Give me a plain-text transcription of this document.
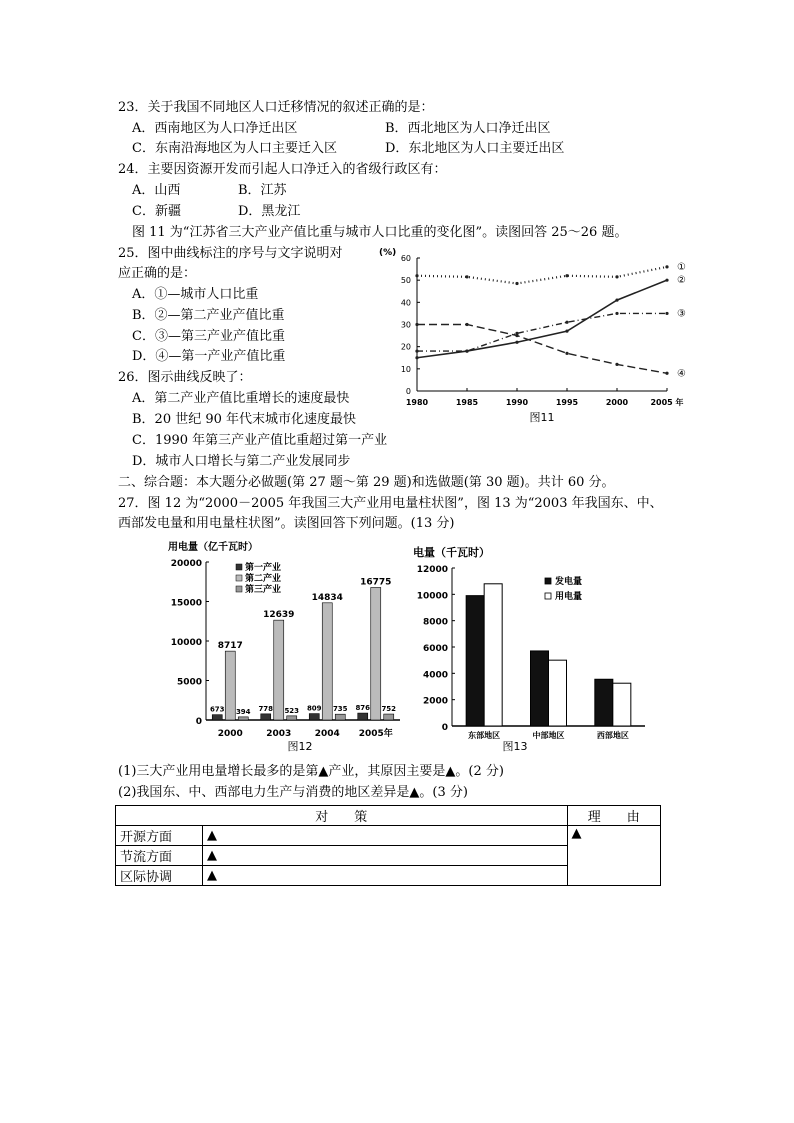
23．关于我国不同地区人口迁移情况的叙述正确的是：
A．西南地区为人口净迁出区	B．西北地区为人口净迁出区
C．东南沿海地区为人口主要迁入区	D．东北地区为人口主要迁出区
24．主要因资源开发而引起人口净迁入的省级行政区有：
A．山西	B．江苏
C．新疆	D．黑龙江
图 11 为“江苏省三大产业产值比重与城市人口比重的变化图”。读图回答 25～26 题。
25．图中曲线标注的序号与文字说明对
应正确的是：
A．①—城市人口比重
B．②—第二产业产值比重
C．③—第三产业产值比重
D．④—第一产业产值比重
26．图示曲线反映了：
A．第二产业产值比重增长的速度最快
B．20 世纪 90 年代末城市化速度最快
C．1990 年第三产业产值比重超过第一产业
D．城市人口增长与第二产业发展同步
二、综合题：本大题分必做题(第 27 题～第 29 题)和选做题(第 30 题)。共计 60 分。
27．图 12 为“2000－2005 年我国三大产业用电量柱状图”，图 13 为“2003 年我国东、中、
西部发电量和用电量柱状图”。读图回答下列问题。(13 分)
(%)
0
10
20
30
40
50
60
1980	1985	1990	1995	2000	2005 年
①
②
③
④
图11
用电量（亿千瓦时）
0
5000
10000
15000
20000
2000
673
8717
394
2003
778
12639
523
2004
809
14834
735
2005年
876
16775
752
第一产业
第二产业
第三产业
图12
电量（千瓦时）
0
2000
4000
6000
8000
10000
12000
东部地区	中部地区	西部地区
发电量
用电量
图13
(1)三大产业用电量增长最多的是第▲产业，其原因主要是▲。(2 分)
(2)我国东、中、西部电力生产与消费的地区差异是▲。(3 分)
对　　策		理　　由
开源方面	▲	▲
节流方面	▲	
区际协调	▲	
